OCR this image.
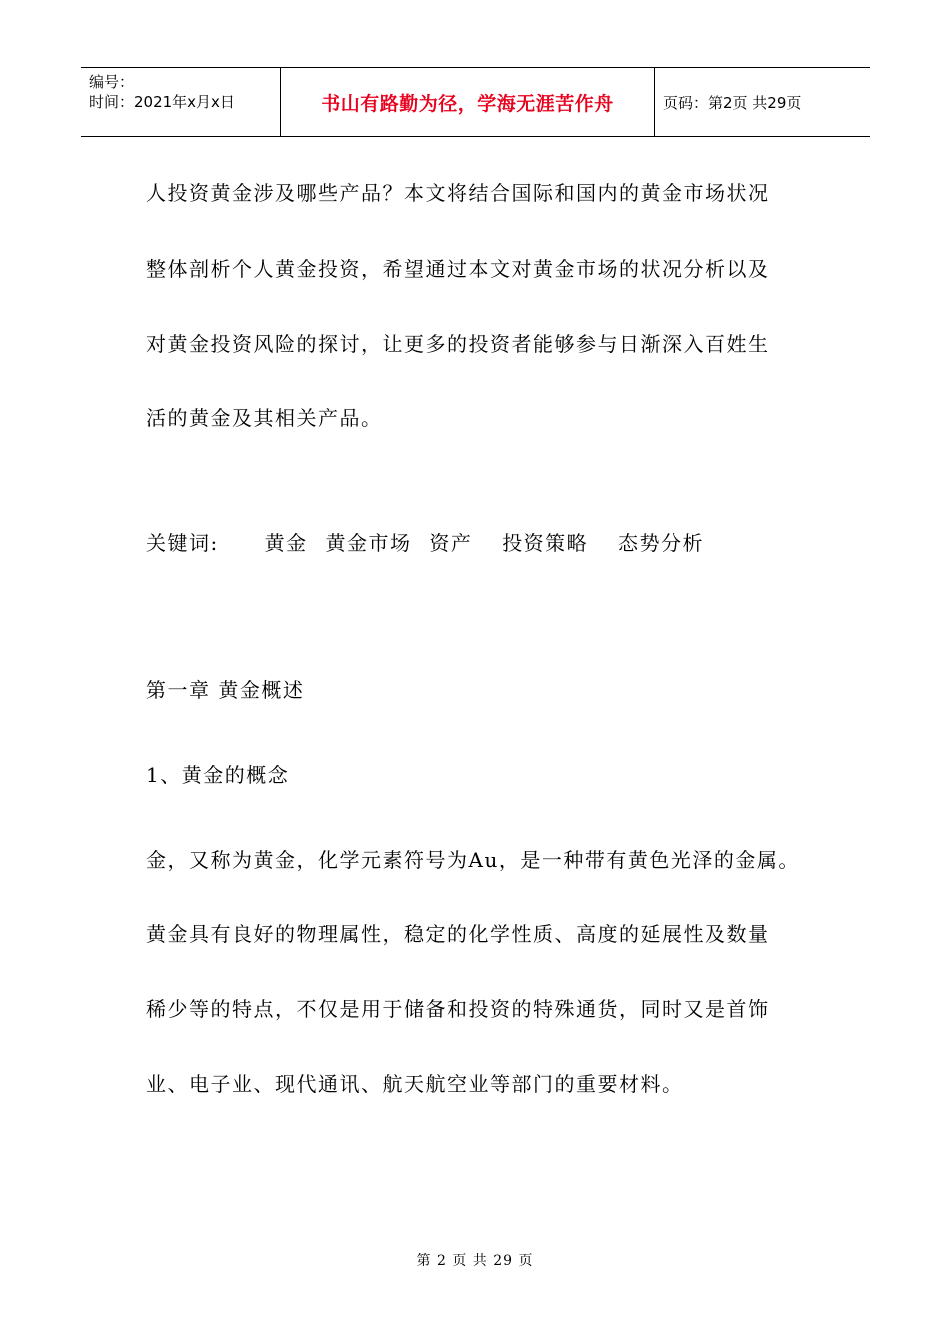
编号：
时间：2021年x月x日	书山有路勤为径，学海无涯苦作舟	页码：第2页 共29页
人投资黄金涉及哪些产品？本文将结合国际和国内的黄金市场状况
整体剖析个人黄金投资，希望通过本文对黄金市场的状况分析以及
对黄金投资风险的探讨，让更多的投资者能够参与日渐深入百姓生
活的黄金及其相关产品。
关键词: 黄金 黄金市场 资产 投资策略 态势分析
第一章 黄金概述
1、黄金的概念
金，又称为黄金，化学元素符号为Au，是一种带有黄色光泽的金属。
黄金具有良好的物理属性，稳定的化学性质、高度的延展性及数量
稀少等的特点，不仅是用于储备和投资的特殊通货，同时又是首饰
业、电子业、现代通讯、航天航空业等部门的重要材料。
第 2 页 共 29 页
